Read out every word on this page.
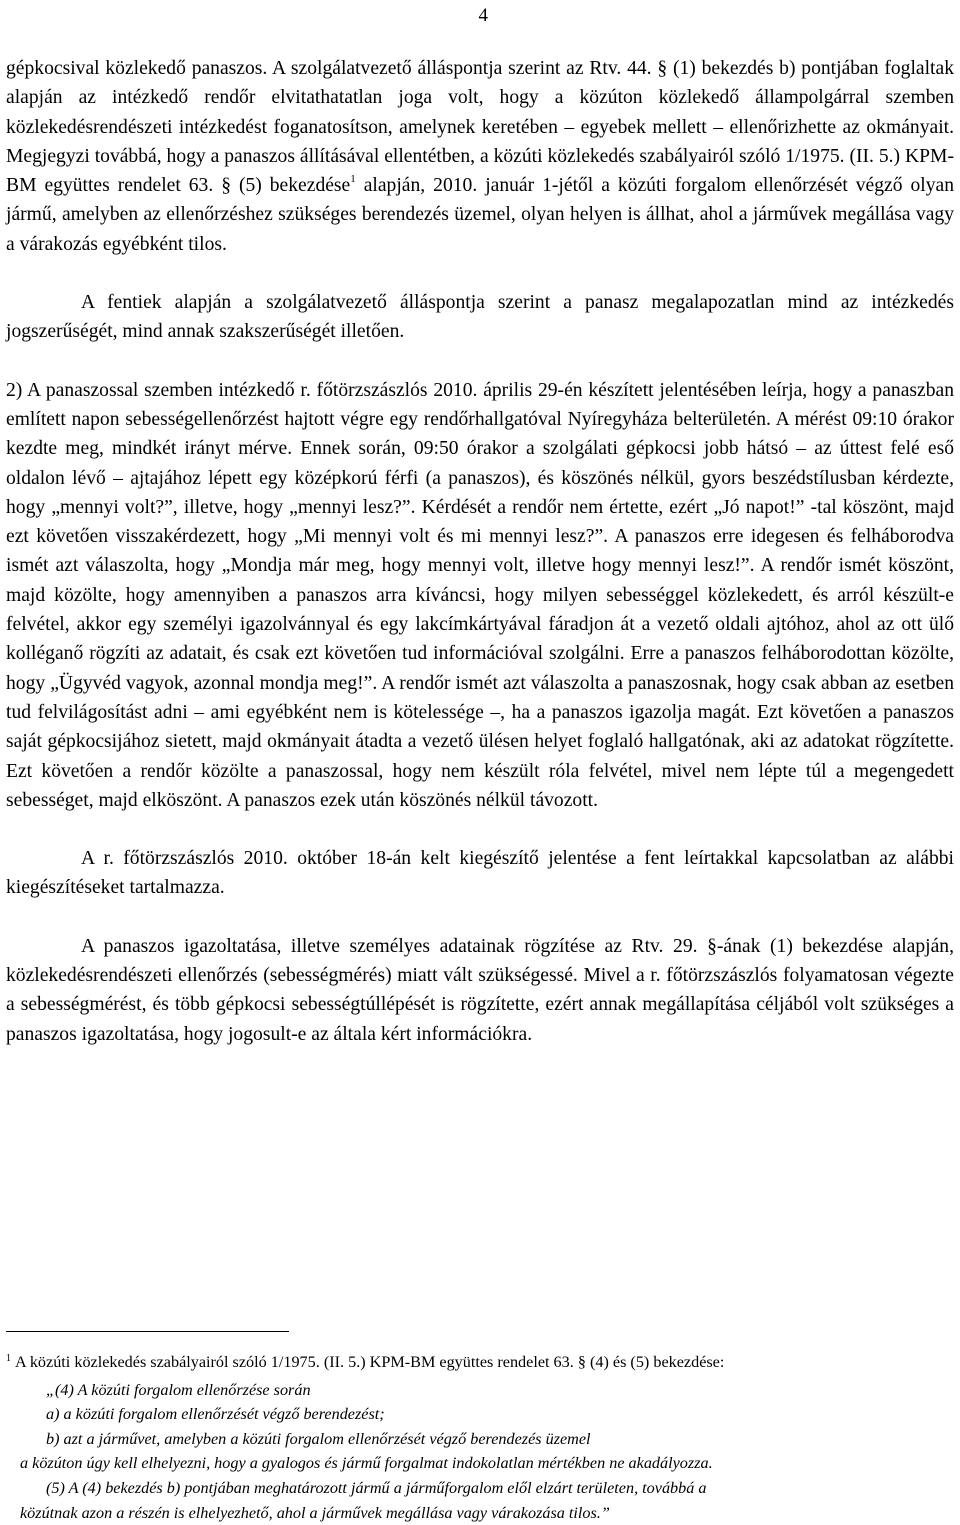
4

gépkocsival közlekedő panaszos. A szolgálatvezető álláspontja szerint az Rtv. 44. § (1) bekezdés b) pontjában foglaltak alapján az intézkedő rendőr elvitathatatlan joga volt, hogy a közúton közlekedő állampolgárral szemben közlekedésrendészeti intézkedést foganatosítson, amelynek keretében – egyebek mellett – ellenőrizhette az okmányait. Megjegyzi továbbá, hogy a panaszos állításával ellentétben, a közúti közlekedés szabályairól szóló 1/1975. (II. 5.) KPM-BM együttes rendelet 63. § (5) bekezdése$^1$ alapján, 2010. január 1-jétől a közúti forgalom ellenőrzését végző olyan jármű, amelyben az ellenőrzéshez szükséges berendezés üzemel, olyan helyen is állhat, ahol a járművek megállása vagy a várakozás egyébként tilos.

A fentiek alapján a szolgálatvezető álláspontja szerint a panasz megalapozatlan mind az intézkedés jogszerűségét, mind annak szakszerűségét illetően.

2) A panaszossal szemben intézkedő r. főtörzszászlós 2010. április 29-én készített jelentésében leírja, hogy a panaszban említett napon sebességellenőrzést hajtott végre egy rendőrhallgatóval Nyíregyháza belterületén. A mérést 09:10 órakor kezdte meg, mindkét irányt mérve. Ennek során, 09:50 órakor a szolgálati gépkocsi jobb hátsó – az úttest felé eső oldalon lévő – ajtajához lépett egy középkorú férfi (a panaszos), és köszönés nélkül, gyors beszédstílusban kérdezte, hogy „mennyi volt?”, illetve, hogy „mennyi lesz?”. Kérdését a rendőr nem értette, ezért „Jó napot!” -tal köszönt, majd ezt követően visszakérdezett, hogy „Mi mennyi volt és mi mennyi lesz?”. A panaszos erre idegesen és felháborodva ismét azt válaszolta, hogy „Mondja már meg, hogy mennyi volt, illetve hogy mennyi lesz!”. A rendőr ismét köszönt, majd közölte, hogy amennyiben a panaszos arra kíváncsi, hogy milyen sebességgel közlekedett, és arról készült-e felvétel, akkor egy személyi igazolvánnyal és egy lakcímkártyával fáradjon át a vezető oldali ajtóhoz, ahol az ott ülő kolléganő rögzíti az adatait, és csak ezt követően tud információval szolgálni. Erre a panaszos felháborodottan közölte, hogy „Ügyvéd vagyok, azonnal mondja meg!”. A rendőr ismét azt válaszolta a panaszosnak, hogy csak abban az esetben tud felvilágosítást adni – ami egyébként nem is kötelessége –, ha a panaszos igazolja magát. Ezt követően a panaszos saját gépkocsijához sietett, majd okmányait átadta a vezető ülésen helyet foglaló hallgatónak, aki az adatokat rögzítette. Ezt követően a rendőr közölte a panaszossal, hogy nem készült róla felvétel, mivel nem lépte túl a megengedett sebességet, majd elköszönt. A panaszos ezek után köszönés nélkül távozott.

A r. főtörzszászlós 2010. október 18-án kelt kiegészítő jelentése a fent leírtakkal kapcsolatban az alábbi kiegészítéseket tartalmazza.

A panaszos igazoltatása, illetve személyes adatainak rögzítése az Rtv. 29. §-ának (1) bekezdése alapján, közlekedésrendészeti ellenőrzés (sebességmérés) miatt vált szükségessé. Mivel a r. főtörzszászlós folyamatosan végezte a sebességmérést, és több gépkocsi sebességtúllépését is rögzítette, ezért annak megállapítása céljából volt szükséges a panaszos igazoltatása, hogy jogosult-e az általa kért információkra.

$^1$ A közúti közlekedés szabályairól szóló 1/1975. (II. 5.) KPM-BM együttes rendelet 63. § (4) és (5) bekezdése:

„(4) A közúti forgalom ellenőrzése során

a) a közúti forgalom ellenőrzését végző berendezést;

b) azt a járművet, amelyben a közúti forgalom ellenőrzését végző berendezés üzemel

a közúton úgy kell elhelyezni, hogy a gyalogos és jármű forgalmat indokolatlan mértékben ne akadályozza.

(5) A (4) bekezdés b) pontjában meghatározott jármű a járműforgalom elől elzárt területen, továbbá a

közútnak azon a részén is elhelyezhető, ahol a járművek megállása vagy várakozása tilos.”
